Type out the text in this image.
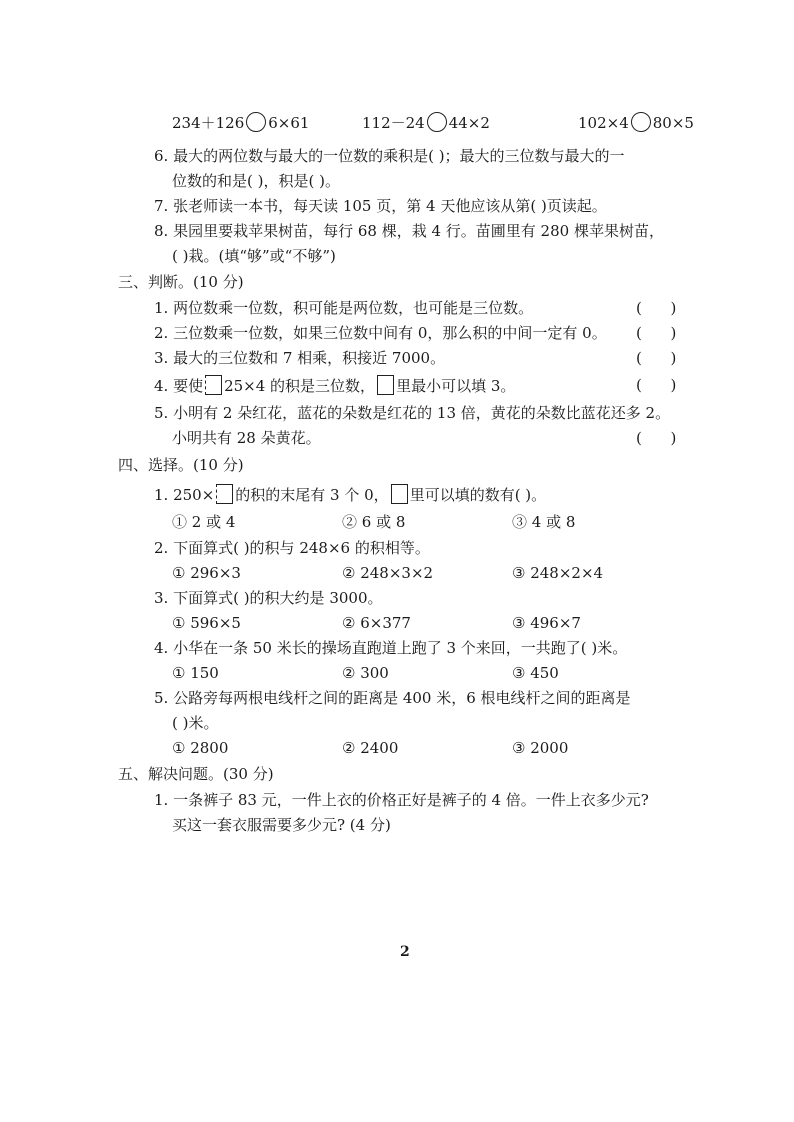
234＋126 6×61	112－24 44×2	102×4 80×5
6. 最大的两位数与最大的一位数的乘积是( )；最大的三位数与最大的一
位数的和是( )，积是( )。
7. 张老师读一本书，每天读 105 页，第 4 天他应该从第( )页读起。
8. 果园里要栽苹果树苗，每行 68 棵，栽 4 行。苗圃里有 280 棵苹果树苗，
( )栽。(填“够”或“不够”)
三、判断。(10 分)
1. 两位数乘一位数，积可能是两位数，也可能是三位数。	(      )
2. 三位数乘一位数，如果三位数中间有 0，那么积的中间一定有 0。 (      )
3. 最大的三位数和 7 相乘，积接近 7000。	(      )
4. 要使 25×4 的积是三位数， 里最小可以填 3。	(      )
5. 小明有 2 朵红花，蓝花的朵数是红花的 13 倍，黄花的朵数比蓝花还多 2。
小明共有 28 朵黄花。	(      )
四、选择。(10 分)
1. 250× 的积的末尾有 3 个 0， 里可以填的数有( )。
① 2 或 4	② 6 或 8	③ 4 或 8
2. 下面算式( )的积与 248×6 的积相等。
① 296×3	② 248×3×2	③ 248×2×4
3. 下面算式( )的积大约是 3000。
① 596×5	② 6×377	③ 496×7
4. 小华在一条 50 米长的操场直跑道上跑了 3 个来回，一共跑了( )米。
① 150	② 300	③ 450
5. 公路旁每两根电线杆之间的距离是 400 米，6 根电线杆之间的距离是
( )米。
① 2800	② 2400	③ 2000
五、解决问题。(30 分)
1. 一条裤子 83 元，一件上衣的价格正好是裤子的 4 倍。一件上衣多少元?
买这一套衣服需要多少元? (4 分)
2
